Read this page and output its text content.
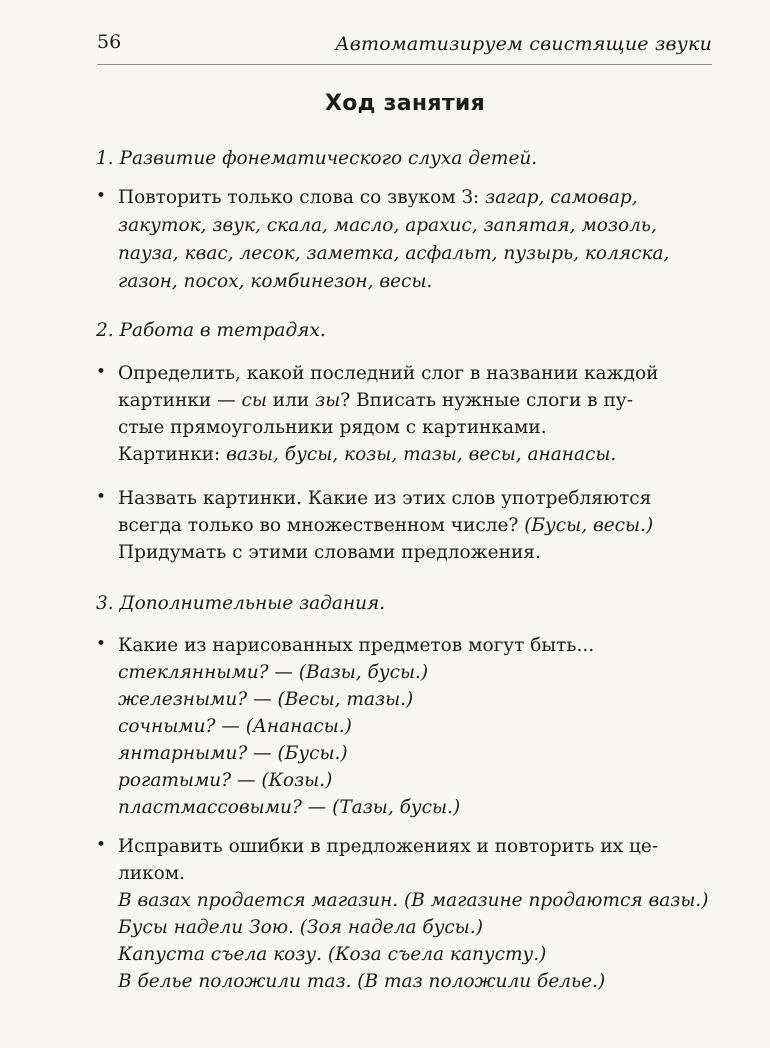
56	Автоматизируем свистящие звуки
Ход занятия
1. Развитие фонематического слуха детей.
• Повторить только слова со звуком З: загар, самовар,
закуток, звук, скала, масло, арахис, запятая, мозоль,
пауза, квас, лесок, заметка, асфальт, пузырь, коляска,
газон, посох, комбинезон, весы.
2. Работа в тетрадях.
• Определить, какой последний слог в названии каждой
картинки — сы или зы? Вписать нужные слоги в пу-
стые прямоугольники рядом с картинками.
Картинки: вазы, бусы, козы, тазы, весы, ананасы.
• Назвать картинки. Какие из этих слов употребляются
всегда только во множественном числе? (Бусы, весы.)
Придумать с этими словами предложения.
3. Дополнительные задания.
• Какие из нарисованных предметов могут быть...
стеклянными? — (Вазы, бусы.)
железными? — (Весы, тазы.)
сочными? — (Ананасы.)
янтарными? — (Бусы.)
рогатыми? — (Козы.)
пластмассовыми? — (Тазы, бусы.)
• Исправить ошибки в предложениях и повторить их це-
ликом.
В вазах продается магазин. (В магазине продаются вазы.)
Бусы надели Зою. (Зоя надела бусы.)
Капуста съела козу. (Коза съела капусту.)
В белье положили таз. (В таз положили белье.)
